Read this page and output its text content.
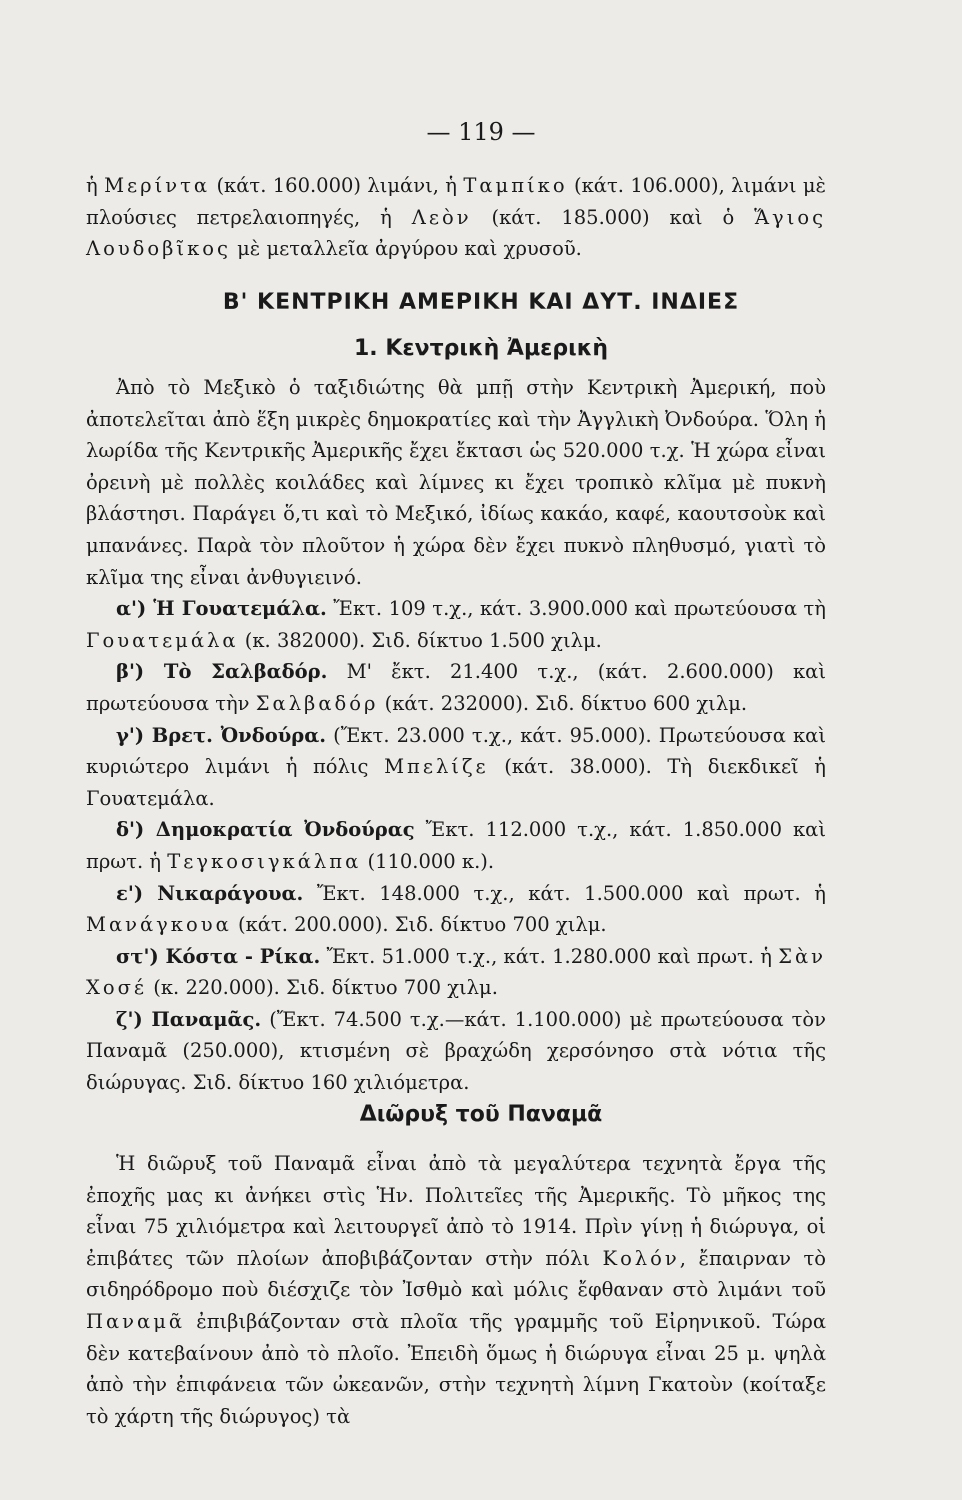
— 119 —

ἡ Μερίντα (κάτ. 160.000) λιμάνι, ἡ Ταμπίκο (κάτ. 106.000), λιμάνι μὲ πλούσιες πετρελαιοπηγές, ἡ Λεὸν (κάτ. 185.000) καὶ ὁ Ἅγιος Λουδοβῖκος μὲ μεταλλεῖα ἀργύρου καὶ χρυσοῦ.

Β' ΚΕΝΤΡΙΚΗ ΑΜΕΡΙΚΗ ΚΑΙ ΔΥΤ. ΙΝΔΙΕΣ
1. Κεντρικὴ Ἀμερικὴ

Ἀπὸ τὸ Μεξικὸ ὁ ταξιδιώτης θὰ μπῇ στὴν Κεντρικὴ Ἀμερική, ποὺ ἀποτελεῖται ἀπὸ ἕξη μικρὲς δημοκρατίες καὶ τὴν Ἀγγλικὴ Ὀνδούρα. Ὅλη ἡ λωρίδα τῆς Κεντρικῆς Ἀμερικῆς ἔχει ἔκτασι ὡς 520.000 τ.χ. Ἡ χώρα εἶναι ὀρεινὴ μὲ πολλὲς κοιλάδες καὶ λίμνες κι ἔχει τροπικὸ κλῖμα μὲ πυκνὴ βλάστησι. Παράγει ὅ,τι καὶ τὸ Μεξικό, ἰδίως κακάο, καφέ, καουτσοὺκ καὶ μπανάνες. Παρὰ τὸν πλοῦτον ἡ χώρα δὲν ἔχει πυκνὸ πληθυσμό, γιατὶ τὸ κλῖμα της εἶναι ἀνθυγιεινό.

α') Ἡ Γουατεμάλα. Ἔκτ. 109 τ.χ., κάτ. 3.900.000 καὶ πρωτεύουσα τὴ Γουατεμάλα (κ. 382000). Σιδ. δίκτυο 1.500 χιλμ.

β') Τὸ Σαλβαδόρ. Μ' ἔκτ. 21.400 τ.χ., (κάτ. 2.600.000) καὶ πρωτεύουσα τὴν Σαλβαδόρ (κάτ. 232000). Σιδ. δίκτυο 600 χιλμ.

γ') Βρετ. Ὀνδούρα. (Ἔκτ. 23.000 τ.χ., κάτ. 95.000). Πρωτεύουσα καὶ κυριώτερο λιμάνι ἡ πόλις Μπελίζε (κάτ. 38.000). Τὴ διεκδικεῖ ἡ Γουατεμάλα.

δ') Δημοκρατία Ὀνδούρας Ἔκτ. 112.000 τ.χ., κάτ. 1.850.000 καὶ πρωτ. ἡ Τεγκοσιγκάλπα (110.000 κ.).

ε') Νικαράγουα. Ἔκτ. 148.000 τ.χ., κάτ. 1.500.000 καὶ πρωτ. ἡ Μανάγκουα (κάτ. 200.000). Σιδ. δίκτυο 700 χιλμ.

στ') Κόστα - Ρίκα. Ἔκτ. 51.000 τ.χ., κάτ. 1.280.000 καὶ πρωτ. ἡ Σὰν Χοσέ (κ. 220.000). Σιδ. δίκτυο 700 χιλμ.

ζ') Παναμᾶς. (Ἔκτ. 74.500 τ.χ.—κάτ. 1.100.000) μὲ πρωτεύουσα τὸν Παναμᾶ (250.000), κτισμένη σὲ βραχώδη χερσόνησο στὰ νότια τῆς διώρυγας. Σιδ. δίκτυο 160 χιλιόμετρα.

Διῶρυξ τοῦ Παναμᾶ

Ἡ διῶρυξ τοῦ Παναμᾶ εἶναι ἀπὸ τὰ μεγαλύτερα τεχνητὰ ἔργα τῆς ἐποχῆς μας κι ἀνήκει στὶς Ἡν. Πολιτεῖες τῆς Ἀμερικῆς. Τὸ μῆκος της εἶναι 75 χιλιόμετρα καὶ λειτουργεῖ ἀπὸ τὸ 1914. Πρὶν γίνῃ ἡ διώρυγα, οἱ ἐπιβάτες τῶν πλοίων ἀποβιβάζονταν στὴν πόλι Κολόν, ἔπαιρναν τὸ σιδηρόδρομο ποὺ διέσχιζε τὸν Ἰσθμὸ καὶ μόλις ἔφθαναν στὸ λιμάνι τοῦ Παναμᾶ ἐπιβιβάζονταν στὰ πλοῖα τῆς γραμμῆς τοῦ Εἰρηνικοῦ. Τώρα δὲν κατεβαίνουν ἀπὸ τὸ πλοῖο. Ἐπειδὴ ὅμως ἡ διώρυγα εἶναι 25 μ. ψηλὰ ἀπὸ τὴν ἐπιφάνεια τῶν ὠκεανῶν, στὴν τεχνητὴ λίμνη Γκατοὺν (κοίταξε τὸ χάρτη τῆς διώρυγος) τὰ
